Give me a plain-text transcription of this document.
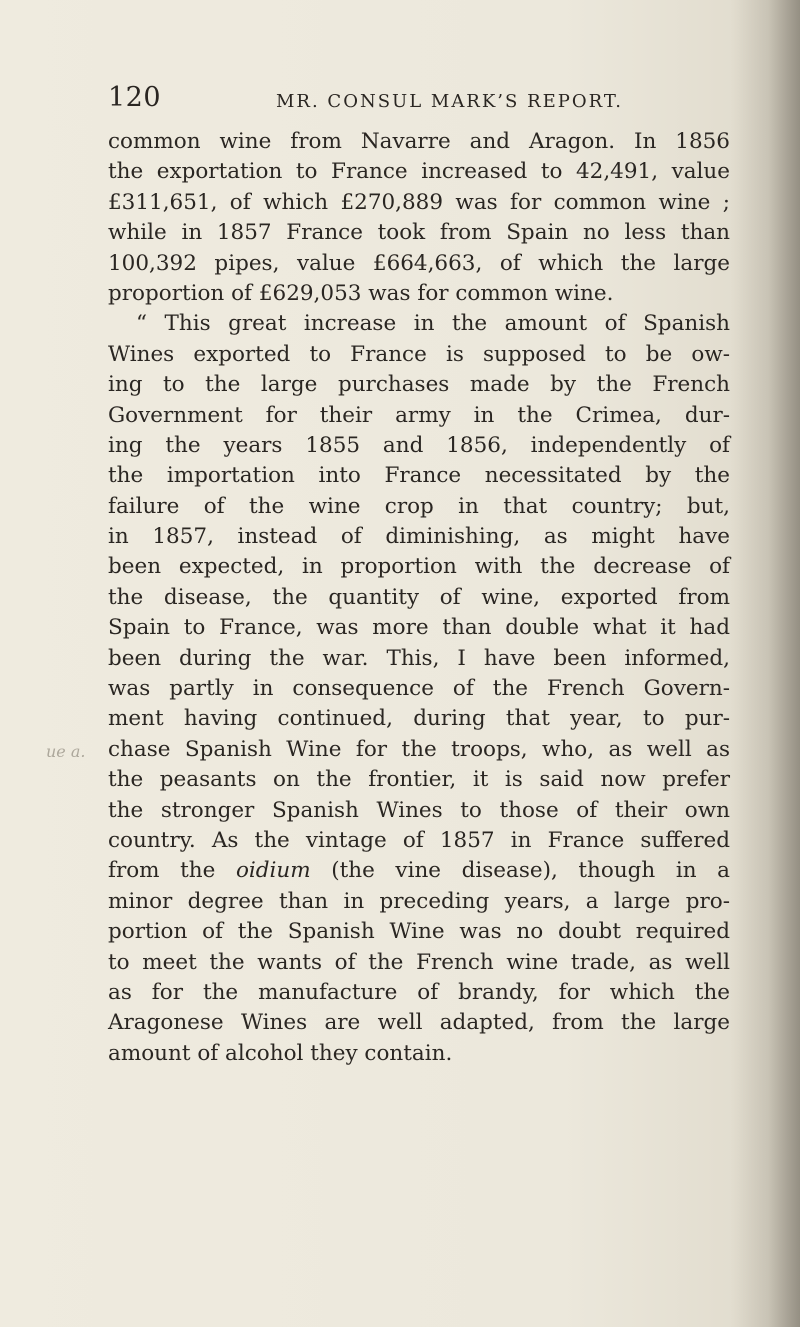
120	MR. CONSUL MARK’S REPORT.
ue a.
common wine from Navarre and Aragon. In 1856
the exportation to France increased to 42,491, value
£311,651, of which £270,889 was for common wine ;
while in 1857 France took from Spain no less than
100,392 pipes, value £664,663, of which the large
proportion of £629,053 was for common wine.
“ This great increase in the amount of Spanish
Wines exported to France is supposed to be ow-
ing to the large purchases made by the French
Government for their army in the Crimea, dur-
ing the years 1855 and 1856, independently of
the importation into France necessitated by the
failure of the wine crop in that country; but,
in 1857, instead of diminishing, as might have
been expected, in proportion with the decrease of
the disease, the quantity of wine, exported from
Spain to France, was more than double what it had
been during the war. This, I have been informed,
was partly in consequence of the French Govern-
ment having continued, during that year, to pur-
chase Spanish Wine for the troops, who, as well as
the peasants on the frontier, it is said now prefer
the stronger Spanish Wines to those of their own
country. As the vintage of 1857 in France suffered
from the oidium (the vine disease), though in a
minor degree than in preceding years, a large pro-
portion of the Spanish Wine was no doubt required
to meet the wants of the French wine trade, as well
as for the manufacture of brandy, for which the
Aragonese Wines are well adapted, from the large
amount of alcohol they contain.
